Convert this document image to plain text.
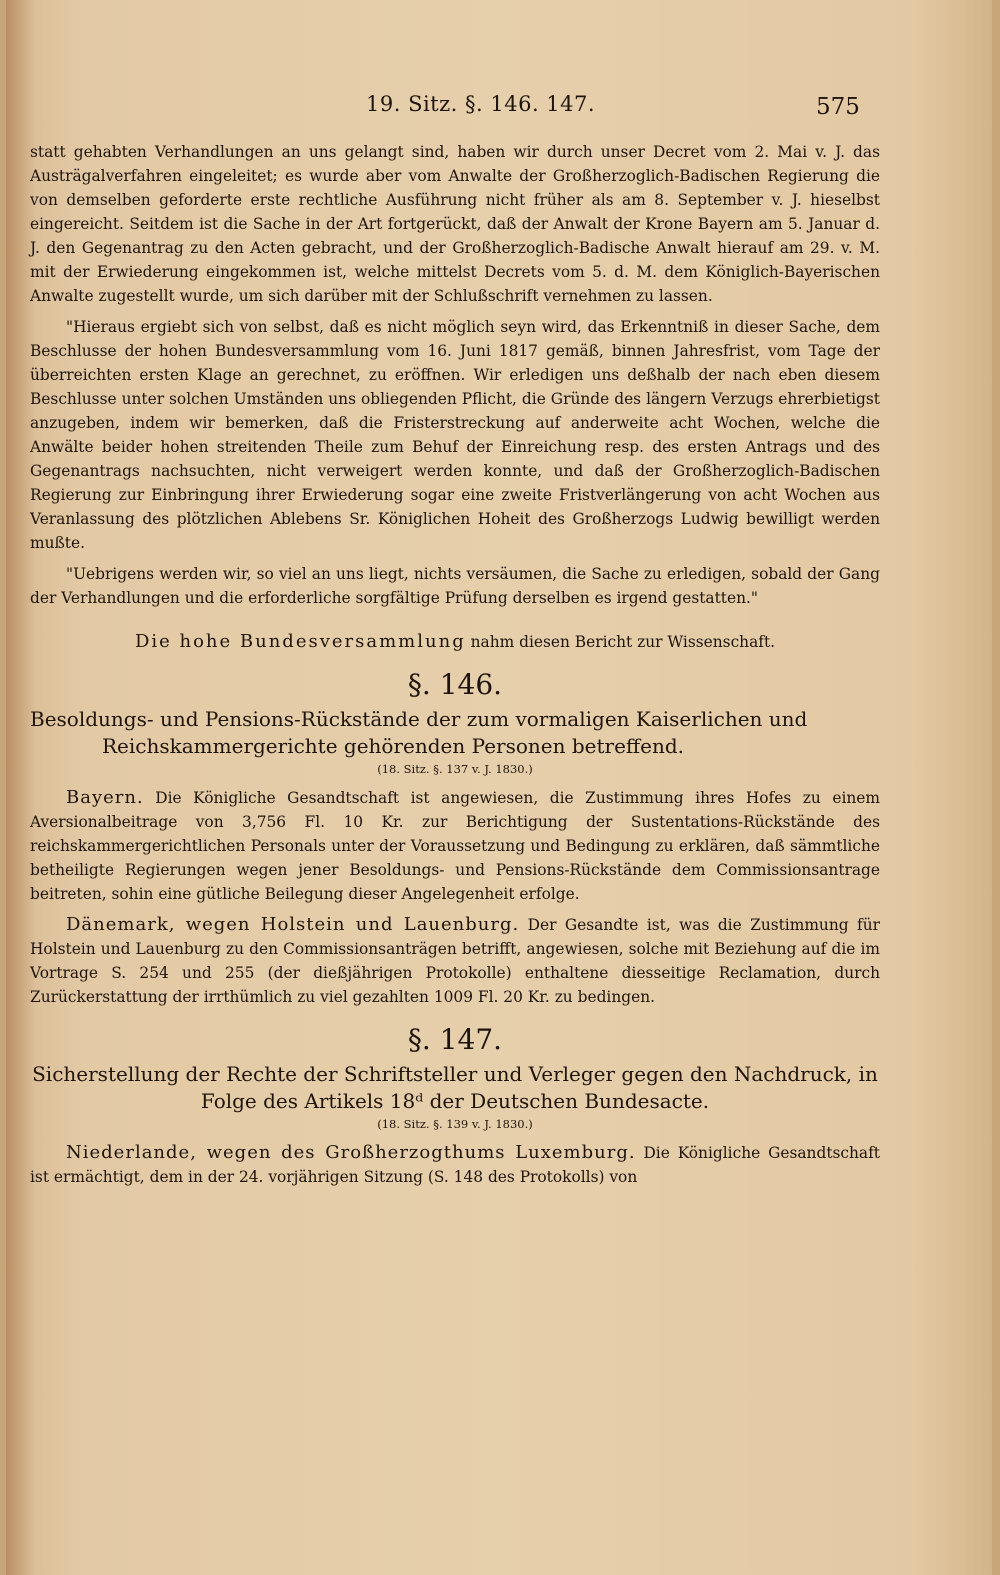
19. Sitz. §. 146. 147.	575

statt gehabten Verhandlungen an uns gelangt sind, haben wir durch unser Decret vom 2. Mai v. J. das Austrägalverfahren eingeleitet; es wurde aber vom Anwalte der Großherzoglich-Badischen Regierung die von demselben geforderte erste rechtliche Ausführung nicht früher als am 8. September v. J. hieselbst eingereicht. Seitdem ist die Sache in der Art fortgerückt, daß der Anwalt der Krone Bayern am 5. Januar d. J. den Gegenantrag zu den Acten gebracht, und der Großherzoglich-Badische Anwalt hierauf am 29. v. M. mit der Erwiederung eingekommen ist, welche mittelst Decrets vom 5. d. M. dem Königlich-Bayerischen Anwalte zugestellt wurde, um sich darüber mit der Schlußschrift vernehmen zu lassen.

"Hieraus ergiebt sich von selbst, daß es nicht möglich seyn wird, das Erkenntniß in dieser Sache, dem Beschlusse der hohen Bundesversammlung vom 16. Juni 1817 gemäß, binnen Jahresfrist, vom Tage der überreichten ersten Klage an gerechnet, zu eröffnen. Wir erledigen uns deßhalb der nach eben diesem Beschlusse unter solchen Umständen uns obliegenden Pflicht, die Gründe des längern Verzugs ehrerbietigst anzugeben, indem wir bemerken, daß die Fristerstreckung auf anderweite acht Wochen, welche die Anwälte beider hohen streitenden Theile zum Behuf der Einreichung resp. des ersten Antrags und des Gegenantrags nachsuchten, nicht verweigert werden konnte, und daß der Großherzoglich-Badischen Regierung zur Einbringung ihrer Erwiederung sogar eine zweite Fristverlängerung von acht Wochen aus Veranlassung des plötzlichen Ablebens Sr. Königlichen Hoheit des Großherzogs Ludwig bewilligt werden mußte.

"Uebrigens werden wir, so viel an uns liegt, nichts versäumen, die Sache zu erledigen, sobald der Gang der Verhandlungen und die erforderliche sorgfältige Prüfung derselben es irgend gestatten."

Die hohe Bundesversammlung nahm diesen Bericht zur Wissenschaft.

§. 146.

Besoldungs- und Pensions-Rückstände der zum vormaligen Kaiserlichen und Reichskammergerichte gehörenden Personen betreffend.

(18. Sitz. §. 137 v. J. 1830.)

Bayern. Die Königliche Gesandtschaft ist angewiesen, die Zustimmung ihres Hofes zu einem Aversionalbeitrage von 3,756 Fl. 10 Kr. zur Berichtigung der Sustentations-Rückstände des reichskammergerichtlichen Personals unter der Voraussetzung und Bedingung zu erklären, daß sämmtliche betheiligte Regierungen wegen jener Besoldungs- und Pensions-Rückstände dem Commissionsantrage beitreten, sohin eine gütliche Beilegung dieser Angelegenheit erfolge.

Dänemark, wegen Holstein und Lauenburg. Der Gesandte ist, was die Zustimmung für Holstein und Lauenburg zu den Commissionsanträgen betrifft, angewiesen, solche mit Beziehung auf die im Vortrage S. 254 und 255 (der dießjährigen Protokolle) enthaltene diesseitige Reclamation, durch Zurückerstattung der irrthümlich zu viel gezahlten 1009 Fl. 20 Kr. zu bedingen.

§. 147.

Sicherstellung der Rechte der Schriftsteller und Verleger gegen den Nachdruck, in Folge des Artikels 18ᵈ der Deutschen Bundesacte.

(18. Sitz. §. 139 v. J. 1830.)

Niederlande, wegen des Großherzogthums Luxemburg. Die Königliche Gesandtschaft ist ermächtigt, dem in der 24. vorjährigen Sitzung (S. 148 des Protokolls) von
